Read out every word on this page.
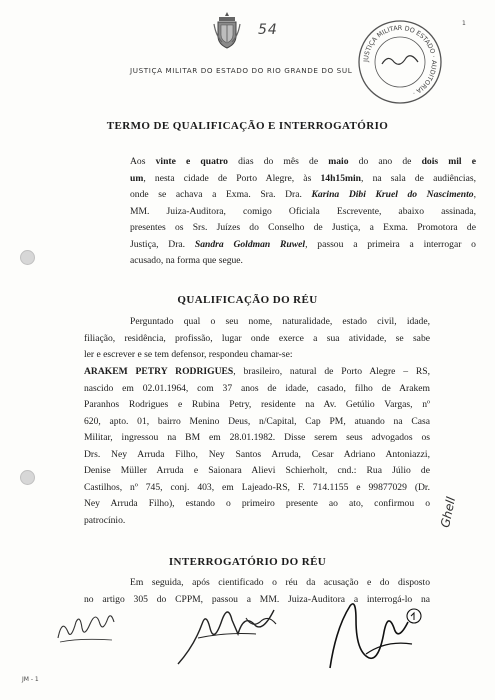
54	1
JUSTIÇA MILITAR DO ESTADO · AUDITORIA ·
JUSTIÇA MILITAR DO ESTADO DO RIO GRANDE DO SUL
TERMO DE QUALIFICAÇÃO E INTERROGATÓRIO
Aos vinte e quatro dias do mês de maio do ano de dois mil e
um, nesta cidade de Porto Alegre, às 14h15min, na sala de audiências,
onde se achava a Exma. Sra. Dra. Karina Dibi Kruel do Nascimento,
MM. Juiza-Auditora, comigo Oficiala Escrevente, abaixo assinada,
presentes os Srs. Juízes do Conselho de Justiça, a Exma. Promotora de
Justiça, Dra. Sandra Goldman Ruwel, passou a primeira a interrogar o
acusado, na forma que segue.
QUALIFICAÇÃO DO RÉU
Perguntado qual o seu nome, naturalidade, estado civil, idade,
filiação, residência, profissão, lugar onde exerce a sua atividade, se sabe
ler e escrever e se tem defensor, respondeu chamar-se:
ARAKEM PETRY RODRIGUES, brasileiro, natural de Porto Alegre – RS,
nascido em 02.01.1964, com 37 anos de idade, casado, filho de Arakem
Paranhos Rodrigues e Rubina Petry, residente na Av. Getúlio Vargas, nº
620, apto. 01, bairro Menino Deus, n/Capital, Cap PM, atuando na Casa
Militar, ingressou na BM em 28.01.1982. Disse serem seus advogados os
Drs. Ney Arruda Filho, Ney Santos Arruda, Cesar Adriano Antoniazzi,
Denise Müller Arruda e Saionara Alievi Schierholt, cnd.: Rua Júlio de
Castilhos, nº 745, conj. 403, em Lajeado-RS, F. 714.1155 e 99877029 (Dr.
Ney Arruda Filho), estando o primeiro presente ao ato, confirmou o
patrocínio.
INTERROGATÓRIO DO RÉU
Em seguida, após cientificado o réu da acusação e do disposto
no artigo 305 do CPPM, passou a MM. Juiza-Auditora a interrogá-lo na
Ghell
JM - 1
